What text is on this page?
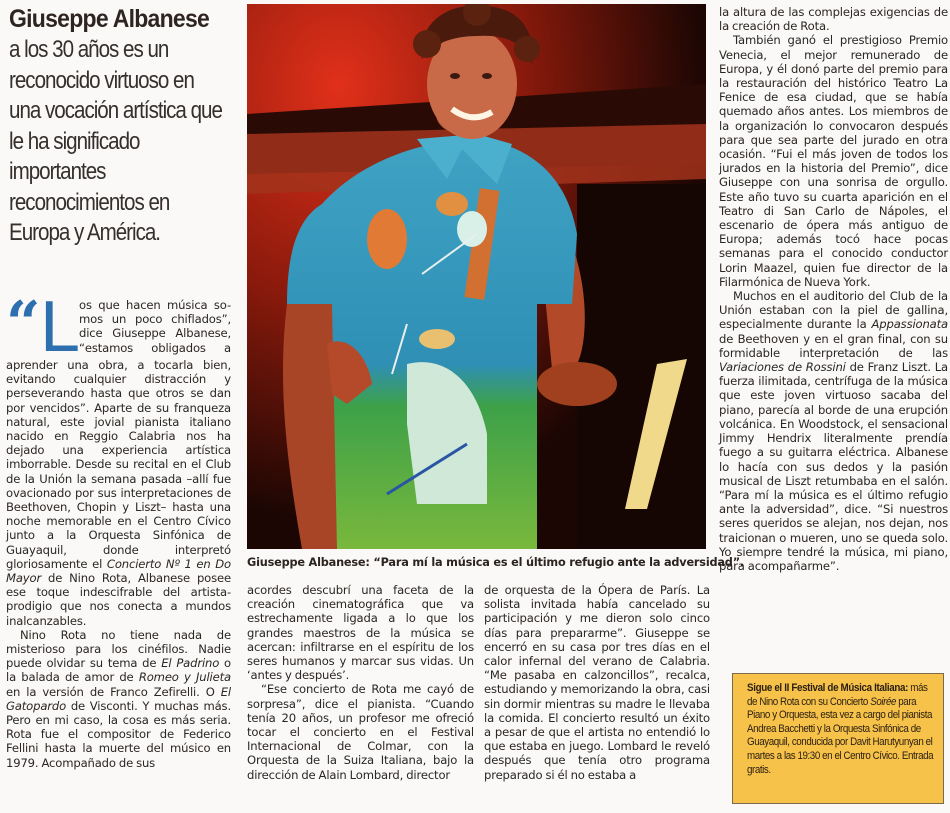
Giuseppe Albanese
a los 30 años es un
reconocido virtuoso en
una vocación artística que
le ha significado
importantes
reconocimientos en
Europa y América.
“ L os que hacen música so-
mos un poco chiflados”,
dice Giuseppe Albanese,
“estamos obligados a

aprender una obra, a tocarla bien, evitando cualquier distracción y perseverando hasta que otros se dan por vencidos”. Aparte de su franqueza natural, este jovial pianista italiano nacido en Reggio Calabria nos ha dejado una experiencia artística imborrable. Desde su recital en el Club de la Unión la semana pasada –allí fue ovacionado por sus interpretaciones de Beethoven, Chopin y Liszt– hasta una noche memorable en el Centro Cívico junto a la Orquesta Sinfónica de Guayaquil, donde interpretó gloriosamente el Concierto Nº 1 en Do Mayor de Nino Rota, Albanese posee ese toque indescifrable del artista-prodigio que nos conecta a mundos inalcanzables.

Nino Rota no tiene nada de misterioso para los cinéfilos. Nadie puede olvidar su tema de El Padrino o la balada de amor de Romeo y Julieta en la versión de Franco Zefirelli. O El Gatopardo de Visconti. Y muchas más. Pero en mi caso, la cosa es más seria. Rota fue el compositor de Federico Fellini hasta la muerte del músico en 1979. Acompañado de sus

Giuseppe Albanese: “Para mí la música es el último refugio ante la adversidad”.

acordes descubrí una faceta de la creación cinematográfica que va estrechamente ligada a lo que los grandes maestros de la música se acercan: infiltrarse en el espíritu de los seres humanos y marcar sus vidas. Un ‘antes y después’.

“Ese concierto de Rota me cayó de sorpresa”, dice el pianista. “Cuando tenía 20 años, un profesor me ofreció tocar el concierto en el Festival Internacional de Colmar, con la Orquesta de la Suiza Italiana, bajo la dirección de Alain Lombard, director

de orquesta de la Ópera de París. La solista invitada había cancelado su participación y me dieron solo cinco días para prepararme”. Giuseppe se encerró en su casa por tres días en el calor infernal del verano de Calabria. “Me pasaba en calzoncillos”, recalca, estudiando y memorizando la obra, casi sin dormir mientras su madre le llevaba la comida. El concierto resultó un éxito a pesar de que el artista no entendió lo que estaba en juego. Lombard le reveló después que tenía otro programa preparado si él no estaba a

la altura de las complejas exigencias de la creación de Rota.

También ganó el prestigioso Premio Venecia, el mejor remunerado de Europa, y él donó parte del premio para la restauración del histórico Teatro La Fenice de esa ciudad, que se había quemado años antes. Los miembros de la organización lo convocaron después para que sea parte del jurado en otra ocasión. “Fui el más joven de todos los jurados en la historia del Premio”, dice Giuseppe con una sonrisa de orgullo. Este año tuvo su cuarta aparición en el Teatro di San Carlo de Nápoles, el escenario de ópera más antiguo de Europa; además tocó hace pocas semanas para el conocido conductor Lorin Maazel, quien fue director de la Filarmónica de Nueva York.

Muchos en el auditorio del Club de la Unión estaban con la piel de gallina, especialmente durante la Appassionata de Beethoven y en el gran final, con su formidable interpretación de las Variaciones de Rossini de Franz Liszt. La fuerza ilimitada, centrífuga de la música que este joven virtuoso sacaba del piano, parecía al borde de una erupción volcánica. En Woodstock, el sensacional Jimmy Hendrix literalmente prendía fuego a su guitarra eléctrica. Albanese lo hacía con sus dedos y la pasión musical de Liszt retumbaba en el salón. “Para mí la música es el último refugio ante la adversidad”, dice. “Si nuestros seres queridos se alejan, nos dejan, nos traicionan o mueren, uno se queda solo. Yo siempre tendré la música, mi piano, para acompañarme”.

Sigue el II Festival de Música Italiana: más de Nino Rota con su Concierto Soirée para Piano y Orquesta, esta vez a cargo del pianista Andrea Bacchetti y la Orquesta Sinfónica de Guayaquil, conducida por Davit Harutyunyan el martes a las 19:30 en el Centro Cívico. Entrada gratis.
